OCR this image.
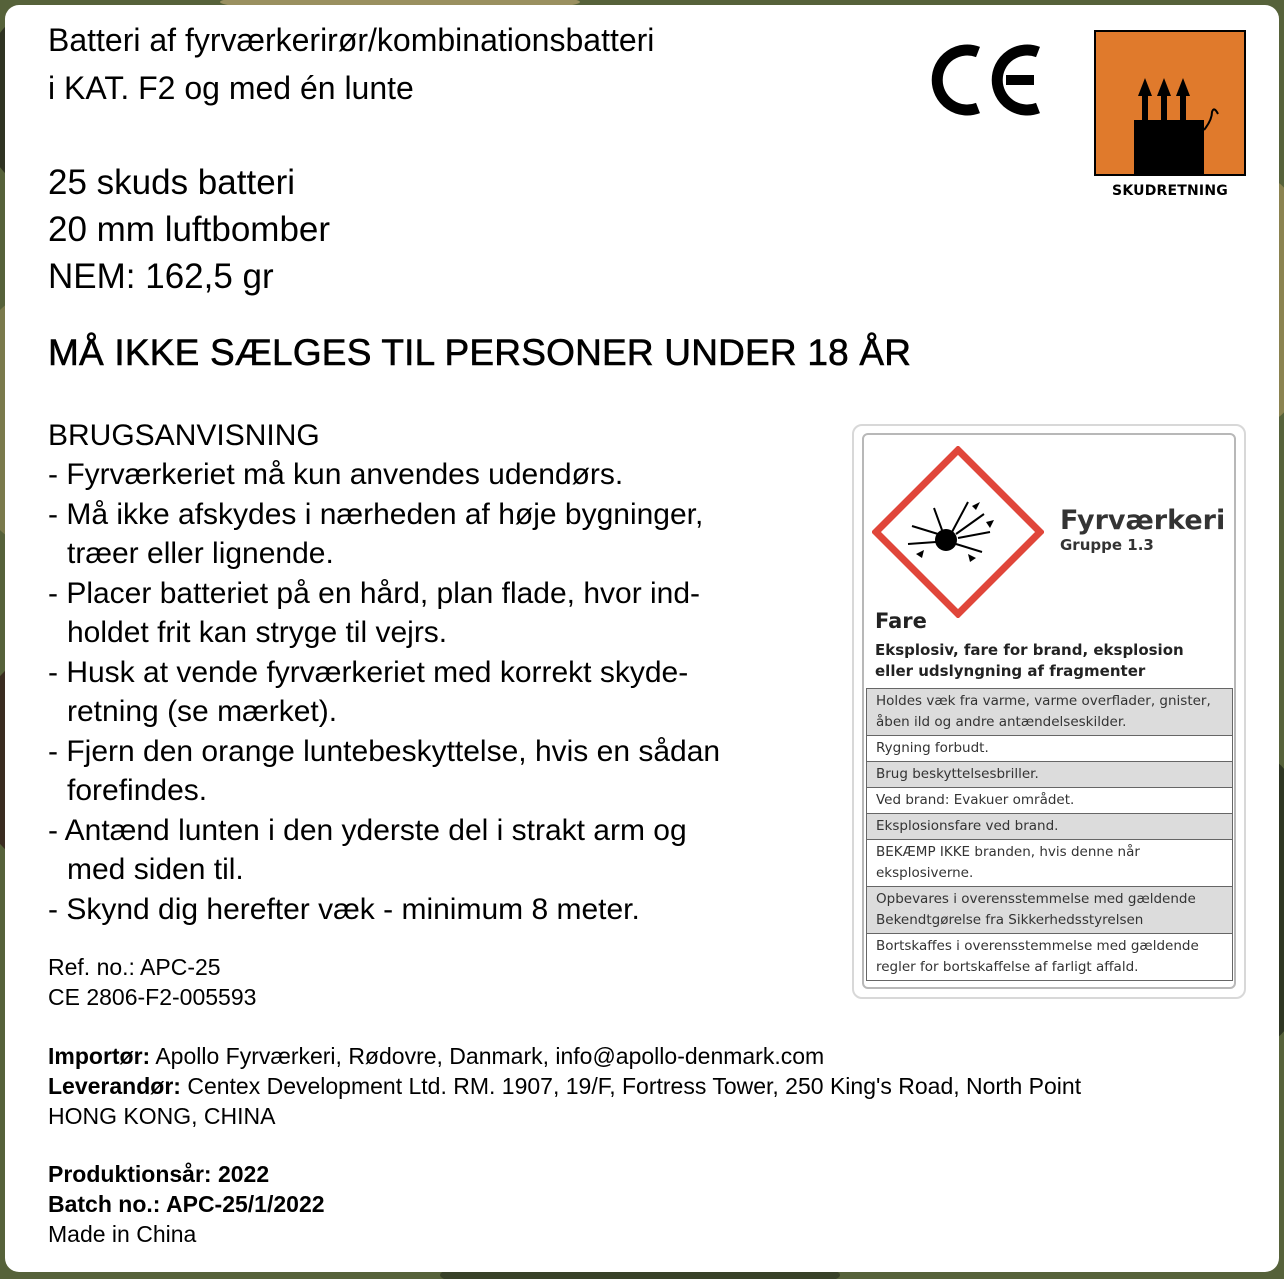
Batteri af fyrværkerirør/kombinationsbatteri
i KAT. F2 og med én lunte
25 skuds batteri
20 mm luftbomber
NEM: 162,5 gr
MÅ IKKE SÆLGES TIL PERSONER UNDER 18 ÅR
BRUGSANVISNING
- Fyrværkeriet må kun anvendes udendørs.
- Må ikke afskydes i nærheden af høje bygninger,
træer eller lignende.
- Placer batteriet på en hård, plan flade, hvor ind-
holdet frit kan stryge til vejrs.
- Husk at vende fyrværkeriet med korrekt skyde-
retning (se mærket).
- Fjern den orange luntebeskyttelse, hvis en sådan
forefindes.
- Antænd lunten i den yderste del i strakt arm og
med siden til.
- Skynd dig herefter væk - minimum 8 meter.
Ref. no.: APC-25
CE 2806-F2-005593
Importør: Apollo Fyrværkeri, Rødovre, Danmark, info@apollo-denmark.com
Leverandør: Centex Development Ltd. RM. 1907, 19/F, Fortress Tower, 250 King's Road, North Point
HONG KONG, CHINA
Produktionsår: 2022
Batch no.: APC-25/1/2022
Made in China
SKUDRETNING
Fyrværkeri
Gruppe 1.3
Fare
Eksplosiv, fare for brand, eksplosion eller udslyngning af fragmenter
Holdes væk fra varme, varme overflader, gnister,
åben ild og andre antændelseskilder.
Rygning forbudt.
Brug beskyttelsesbriller.
Ved brand: Evakuer området.
Eksplosionsfare ved brand.
BEKÆMP IKKE branden, hvis denne når
eksplosiverne.
Opbevares i overensstemmelse med gældende
Bekendtgørelse fra Sikkerhedsstyrelsen
Bortskaffes i overensstemmelse med gældende
regler for bortskaffelse af farligt affald.
